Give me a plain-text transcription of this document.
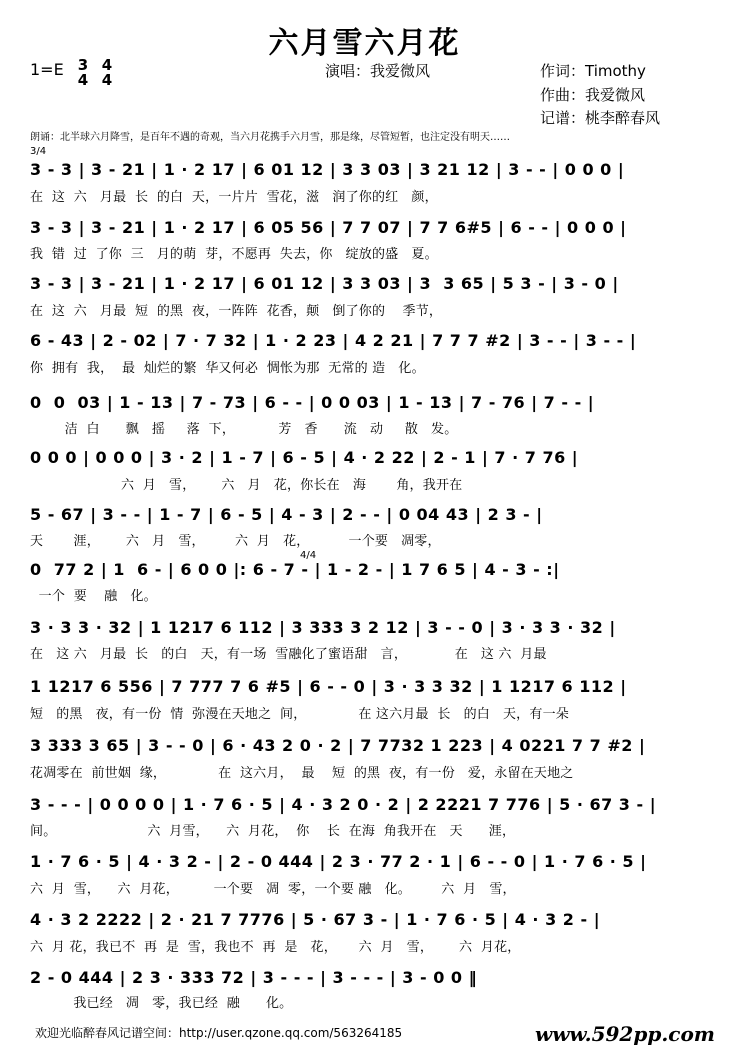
六月雪六月花
1=E 3
4
4
4	演唱：我爱微风	作词：Timothy
作曲：我爱微风
记谱：桃李醉春风
朗诵：北半球六月降雪，是百年不遇的奇观，当六月花携手六月雪，那是缘，尽管短暂，也注定没有明天……
3/4
3 - 3 | 3 - 21 | 1 · 2 17 | 6 01 12 | 3 3 03 | 3 21 12 | 3 - - | 0 0 0 |
在  这  六   月最  长  的白  天，一片片  雪花，滋   润了你的红   颜，
3 - 3 | 3 - 21 | 1 · 2 17 | 6 05 56 | 7 7 07 | 7 7 6#5 | 6 - - | 0 0 0 |
我  错  过  了你  三   月的萌  芽，不愿再  失去，你   绽放的盛   夏。
3 - 3 | 3 - 21 | 1 · 2 17 | 6 01 12 | 3 3 03 | 3  3 65 | 5 3 - | 3 - 0 |
在  这  六   月最  短  的黑  夜，一阵阵  花香，颠   倒了你的    季节，
6 - 43 | 2 - 02 | 7 · 7 32 | 1 · 2 23 | 4 2 21 | 7 7 7 #2 | 3 - - | 3 - - |
你  拥有  我，  最  灿烂的繁  华又何必  惆怅为那  无常的 造   化。
0  0  03 | 1 - 13 | 7 - 73 | 6 - - | 0 0 03 | 1 - 13 | 7 - 76 | 7 - - |
洁  白      飘   摇     落  下，          芳   香      流   动     散   发。
0 0 0 | 0 0 0 | 3 · 2 | 1 - 7 | 6 - 5 | 4 · 2 22 | 2 - 1 | 7 · 7 76 |
六  月   雪，      六   月   花，你长在   海       角，我开在
5 - 67 | 3 - - | 1 - 7 | 6 - 5 | 4 - 3 | 2 - - | 0 04 43 | 2 3 - |
天       涯，      六   月   雪，       六  月   花，         一个要   凋零，
0  77 2 | 1  6 - | 6 0 0 |: 6 - 7 - | 1 - 2 - | 1 7 6 5 | 4 - 3 - :|
一个  要    融   化。
4/4
3 · 3 3 · 32 | 1 1217 6 112 | 3 333 3 2 12 | 3 - - 0 | 3 · 3 3 · 32 |
在   这 六   月最  长   的白   天，有一场  雪融化了蜜语甜   言，           在   这 六  月最
1 1217 6 556 | 7 777 7 6 #5 | 6 - - 0 | 3 · 3 3 32 | 1 1217 6 112 |
短   的黑   夜，有一份  情  弥漫在天地之  间，            在 这六月最  长   的白   天，有一朵
3 333 3 65 | 3 - - 0 | 6 · 43 2 0 · 2 | 7 7732 1 223 | 4 0221 7 7 #2 |
花凋零在  前世姻  缘，            在  这六月，  最    短  的黑  夜，有一份   爱，永留在天地之
3 - - - | 0 0 0 0 | 1 · 7 6 · 5 | 4 · 3 2 0 · 2 | 2 2221 7 776 | 5 · 67 3 - |
间。                     六  月雪，    六  月花，  你    长  在海  角我开在   天      涯，
1 · 7 6 · 5 | 4 · 3 2 - | 2 - 0 444 | 2 3 · 77 2 · 1 | 6 - - 0 | 1 · 7 6 · 5 |
六  月  雪，    六  月花，        一个要   凋  零，一个要 融   化。       六  月   雪，
4 · 3 2 2222 | 2 · 21 7 7776 | 5 · 67 3 - | 1 · 7 6 · 5 | 4 · 3 2 - |
六  月 花，我已不  再  是  雪，我也不  再  是   花，     六  月   雪，      六  月花，
2 - 0 444 | 2 3 · 333 72 | 3 - - - | 3 - - - | 3 - 0 0 ‖
我已经   凋   零，我已经  融      化。
欢迎光临醉春风记谱空间：http://user.qzone.qq.com/563264185	www.592pp.com
